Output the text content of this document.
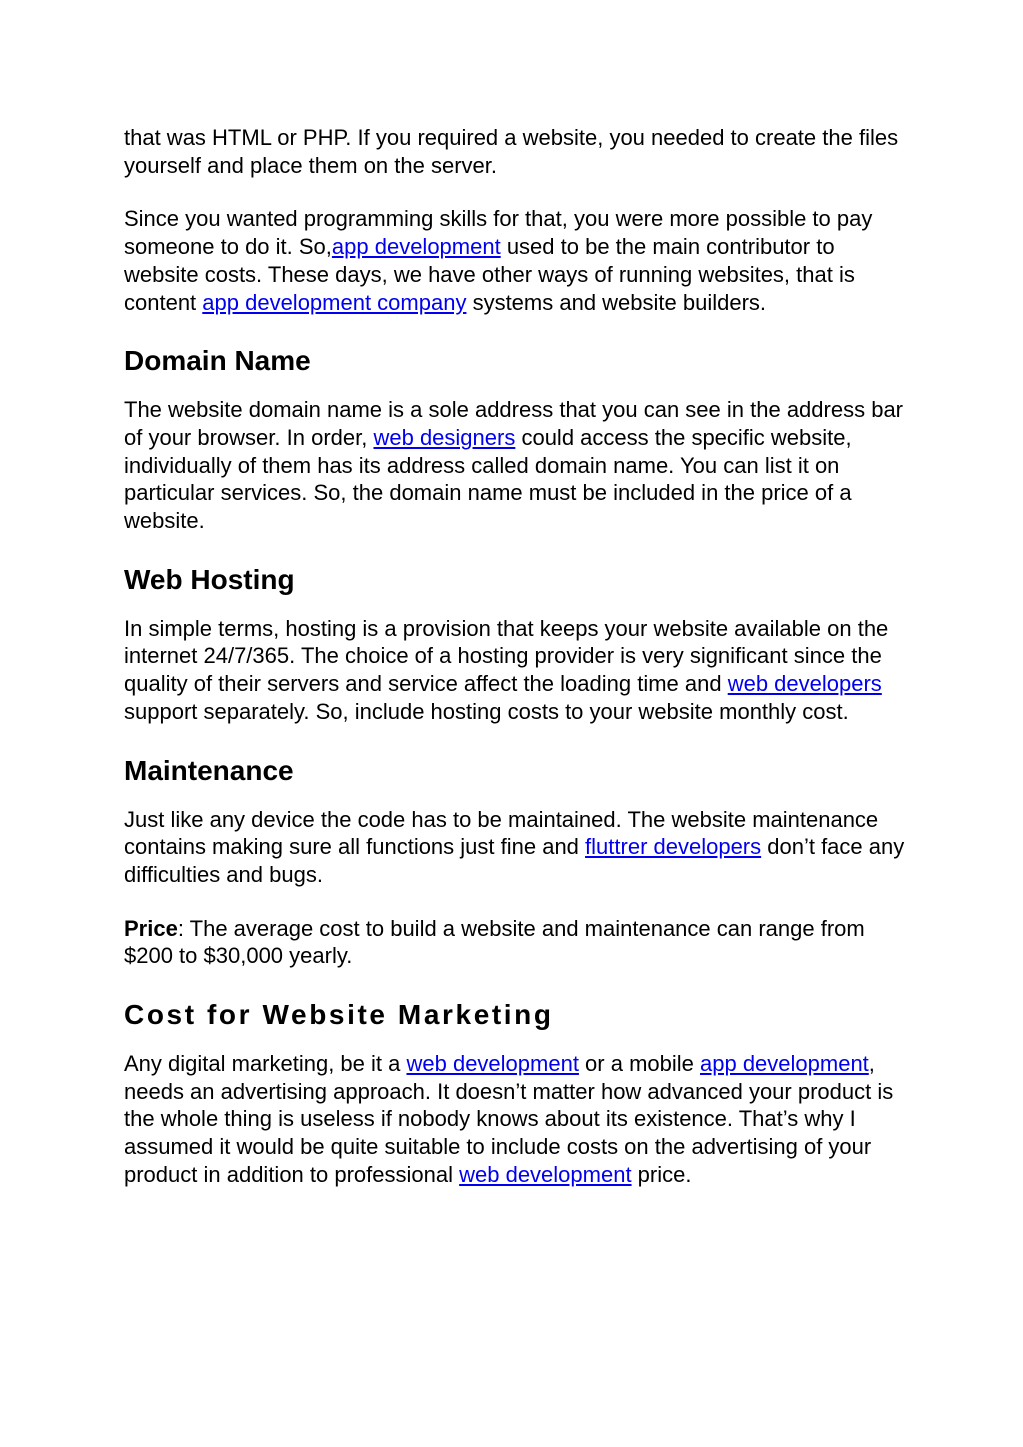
that was HTML or PHP. If you required a website, you needed to create the files yourself and place them on the server.

Since you wanted programming skills for that, you were more possible to pay someone to do it. So,app development used to be the main contributor to website costs. These days, we have other ways of running websites, that is content app development company systems and website builders.

Domain Name

The website domain name is a sole address that you can see in the address bar of your browser. In order, web designers could access the specific website, individually of them has its address called domain name. You can list it on particular services. So, the domain name must be included in the price of a website.

Web Hosting

In simple terms, hosting is a provision that keeps your website available on the internet 24/7/365. The choice of a hosting provider is very significant since the quality of their servers and service affect the loading time and web developers support separately. So, include hosting costs to your website monthly cost.

Maintenance

Just like any device the code has to be maintained. The website maintenance contains making sure all functions just fine and fluttrer developers don’t face any difficulties and bugs.

Price: The average cost to build a website and maintenance can range from $200 to $30,000 yearly.

Cost for Website Marketing

Any digital marketing, be it a web development or a mobile app development, needs an advertising approach. It doesn’t matter how advanced your product is the whole thing is useless if nobody knows about its existence. That’s why I assumed it would be quite suitable to include costs on the advertising of your product in addition to professional web development price.
